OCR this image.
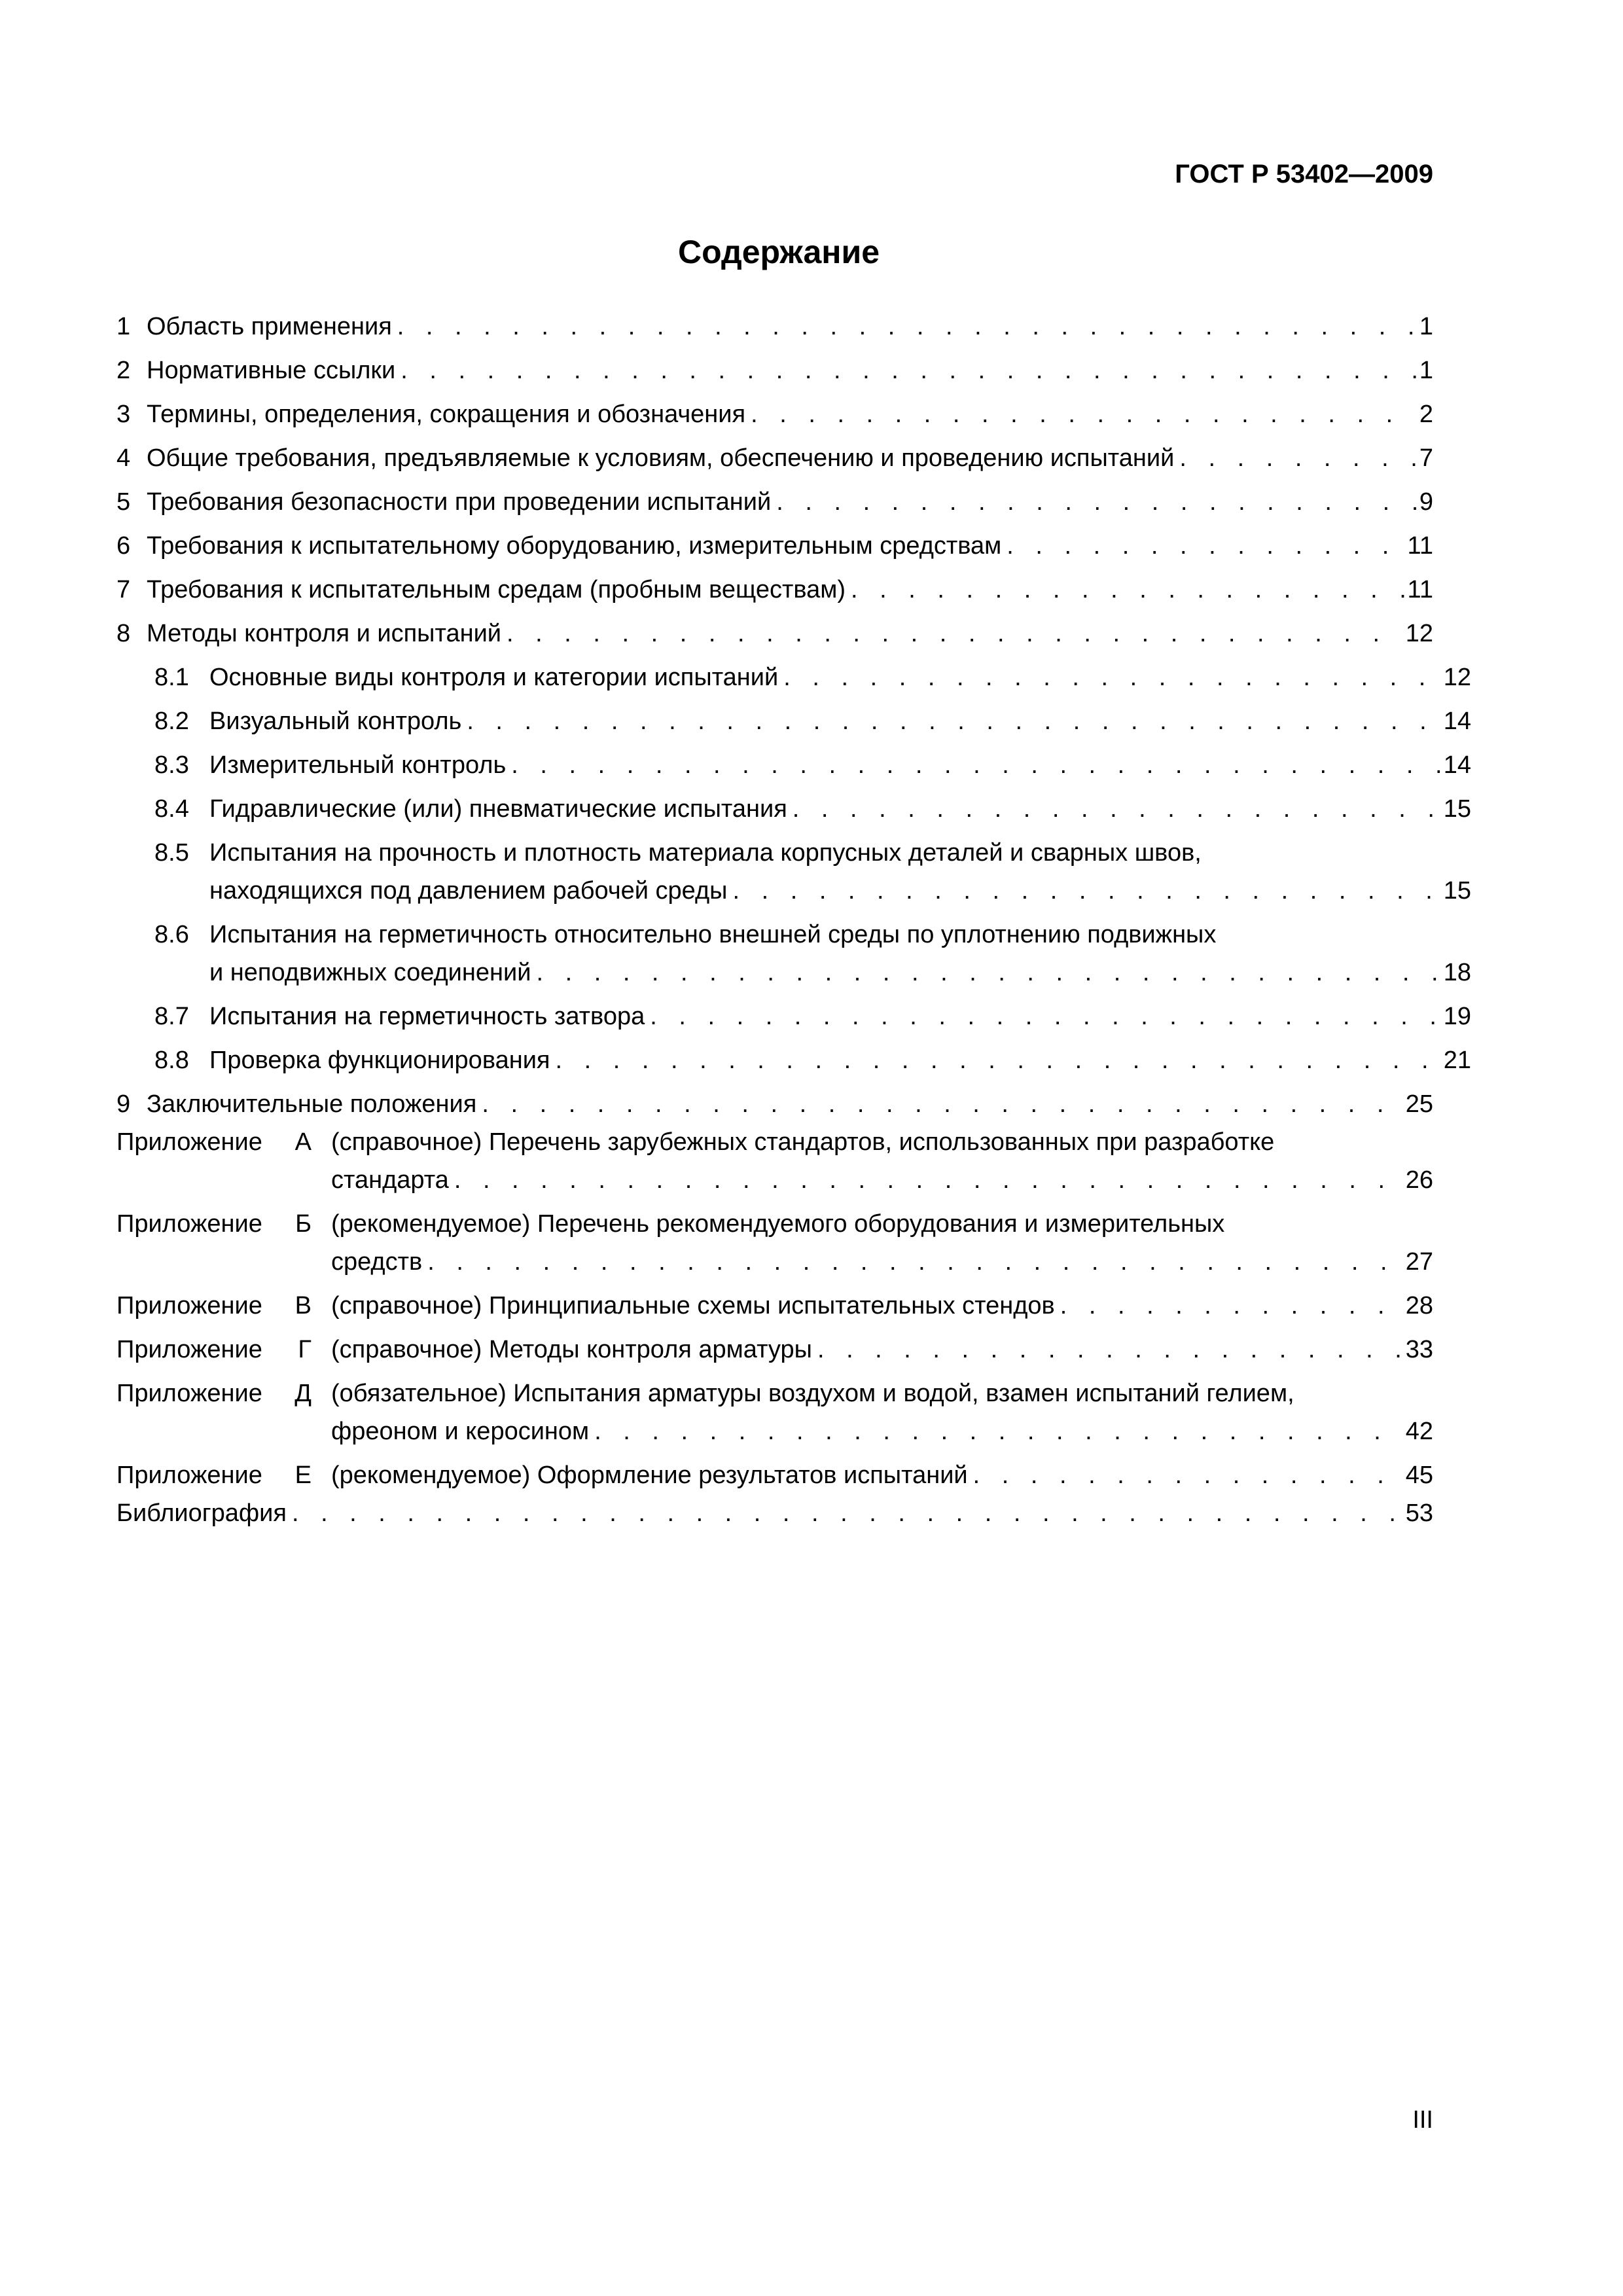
ГОСТ Р 53402—2009
Содержание
1 Область применения . . .	1
2 Нормативные ссылки . . .	1
3 Термины, определения, сокращения и обозначения . . .	2
4 Общие требования, предъявляемые к условиям, обеспечению и проведению испытаний . . .	7
5 Требования безопасности при проведении испытаний . . .	9
6 Требования к испытательному оборудованию, измерительным средствам . . .	11
7 Требования к испытательным средам (пробным веществам) . . .	11
8 Методы контроля и испытаний . . .	12
8.1 Основные виды контроля и категории испытаний . . .	12
8.2 Визуальный контроль . . .	14
8.3 Измерительный контроль . . .	14
8.4 Гидравлические (или) пневматические испытания . . .	15
8.5 Испытания на прочность и плотность материала корпусных деталей и сварных швов,
находящихся под давлением рабочей среды . . .	15
8.6 Испытания на герметичность относительно внешней среды по уплотнению подвижных
и неподвижных соединений . . .	18
8.7 Испытания на герметичность затвора . . .	19
8.8 Проверка функционирования . . .	21
9 Заключительные положения . . .	25
Приложение А (справочное) Перечень зарубежных стандартов, использованных при разработке
стандарта . . .	26
Приложение Б (рекомендуемое) Перечень рекомендуемого оборудования и измерительных
средств . . .	27
Приложение В (справочное) Принципиальные схемы испытательных стендов . . .	28
Приложение Г (справочное) Методы контроля арматуры . . .	33
Приложение Д (обязательное) Испытания арматуры воздухом и водой, взамен испытаний гелием,
фреоном и керосином . . .	42
Приложение Е (рекомендуемое) Оформление результатов испытаний . . .	45
Библиография . . .	53
III
